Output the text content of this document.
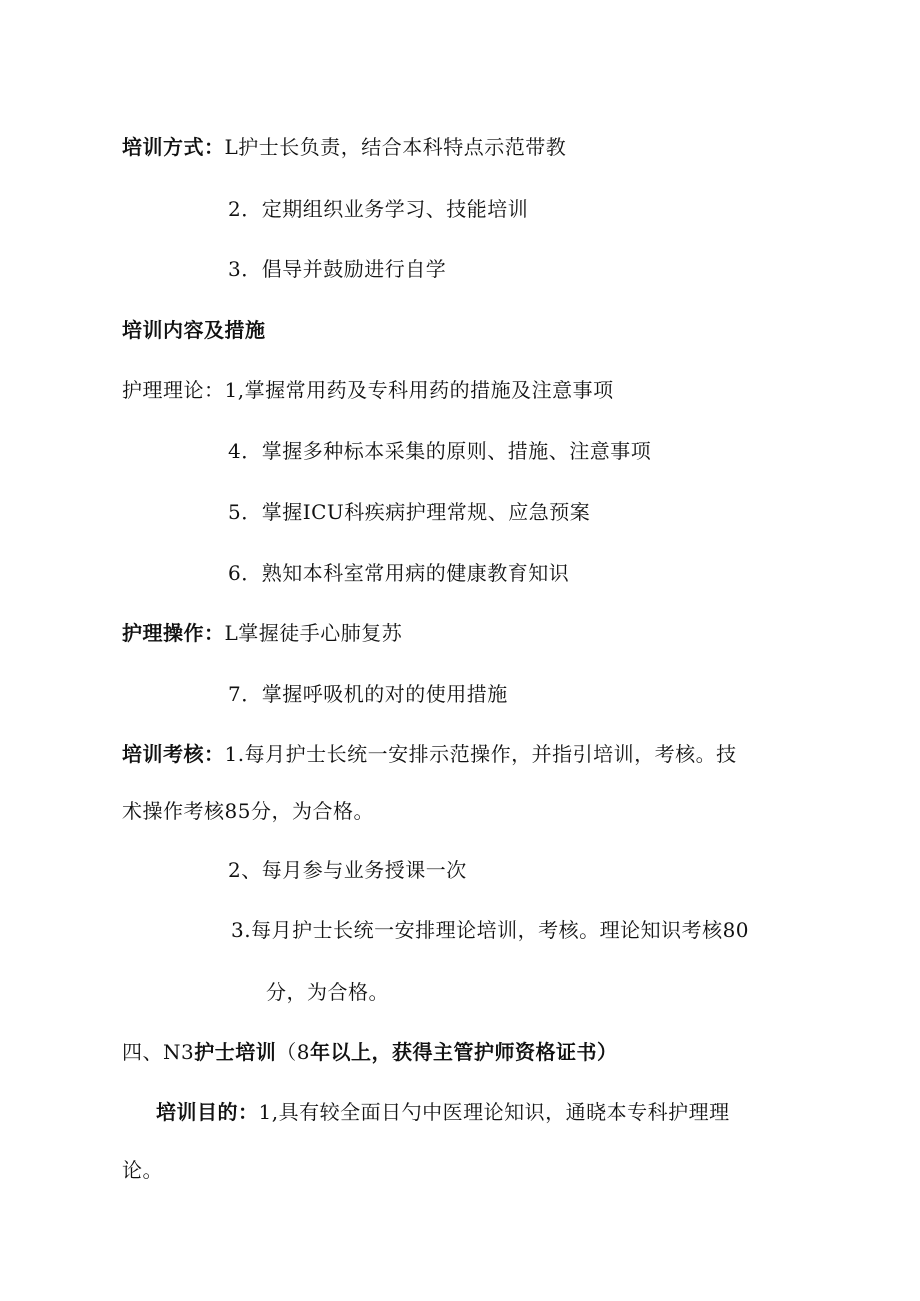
培训方式：L护士长负责，结合本科特点示范带教
2．定期组织业务学习、技能培训
3．倡导并鼓励进行自学
培训内容及措施
护理理论：1,掌握常用药及专科用药的措施及注意事项
4．掌握多种标本采集的原则、措施、注意事项
5．掌握ICU科疾病护理常规、应急预案
6．熟知本科室常用病的健康教育知识
护理操作：L掌握徒手心肺复苏
7．掌握呼吸机的对的使用措施
培训考核：1.每月护士长统一安排示范操作，并指引培训，考核。技
术操作考核85分，为合格。
2、每月参与业务授课一次
3.每月护士长统一安排理论培训，考核。理论知识考核80
分，为合格。
四、N3护士培训（8年以上，获得主管护师资格证书）
培训目的：1,具有较全面日勺中医理论知识，通晓本专科护理理
论。
